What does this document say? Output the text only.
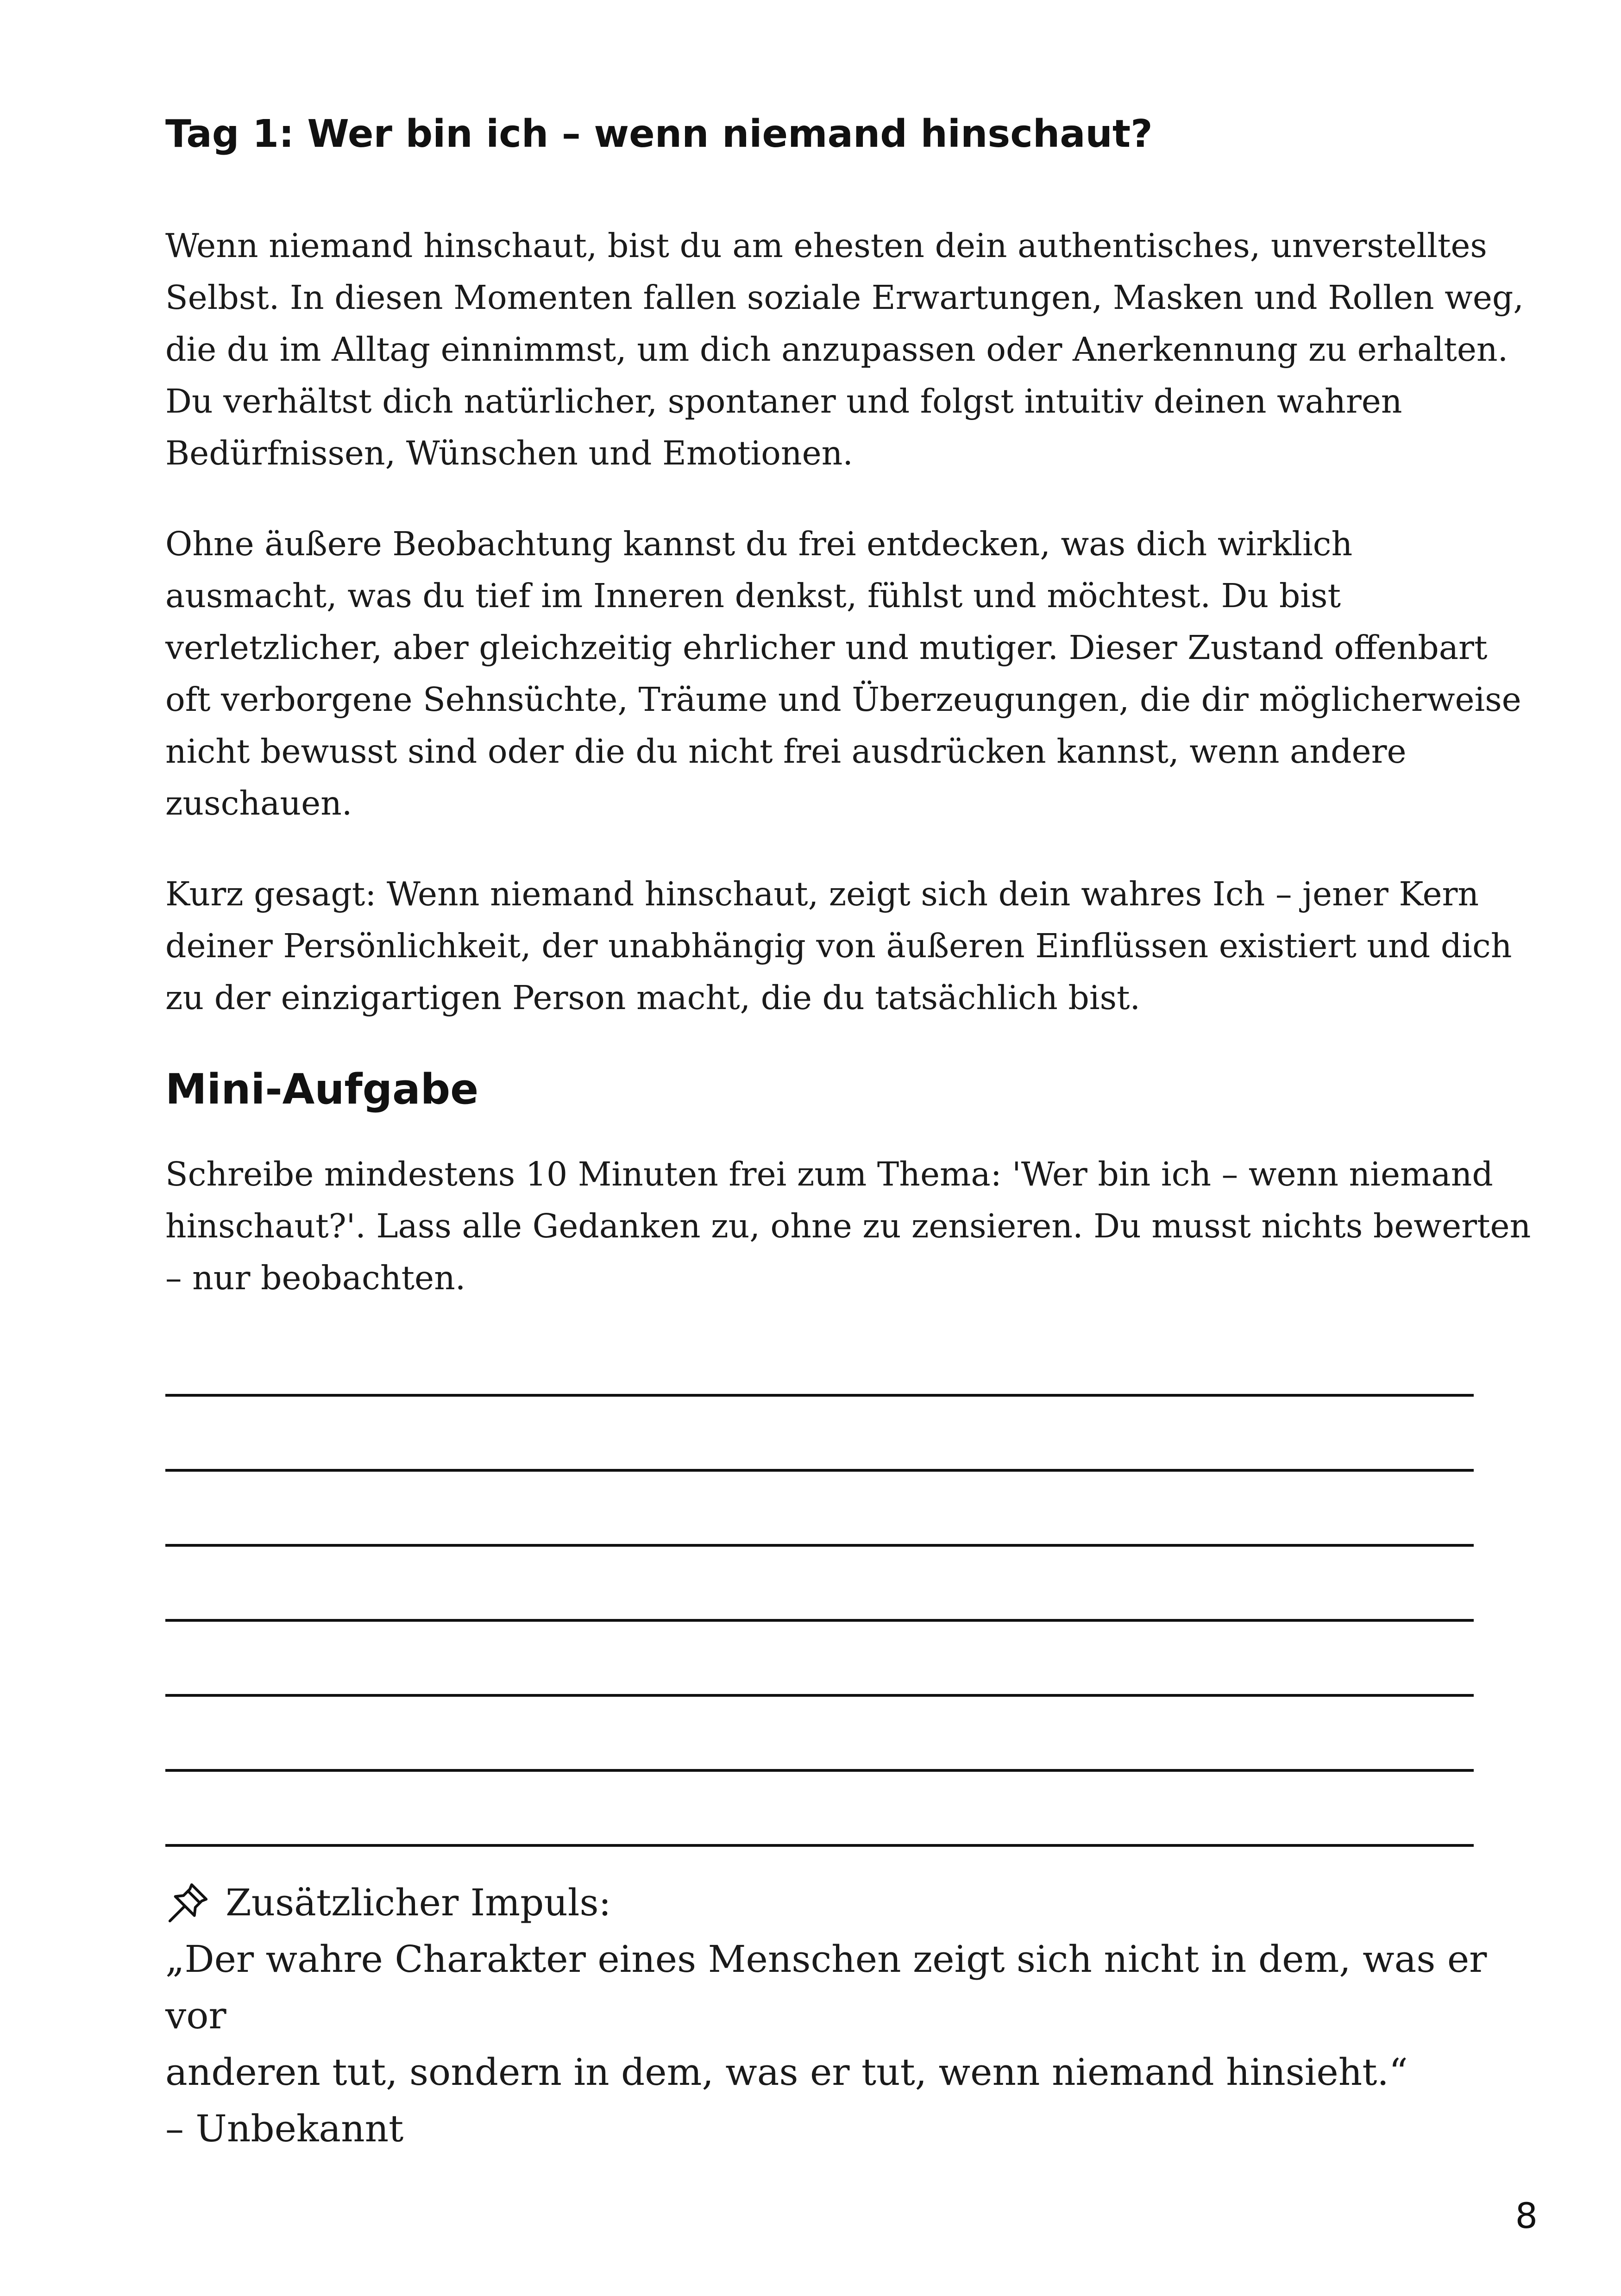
Tag 1: Wer bin ich – wenn niemand hinschaut?

Wenn niemand hinschaut, bist du am ehesten dein authentisches, unverstelltes Selbst. In diesen Momenten fallen soziale Erwartungen, Masken und Rollen weg, die du im Alltag einnimmst, um dich anzupassen oder Anerkennung zu erhalten. Du verhältst dich natürlicher, spontaner und folgst intuitiv deinen wahren Bedürfnissen, Wünschen und Emotionen.

Ohne äußere Beobachtung kannst du frei entdecken, was dich wirklich ausmacht, was du tief im Inneren denkst, fühlst und möchtest. Du bist verletzlicher, aber gleichzeitig ehrlicher und mutiger. Dieser Zustand offenbart oft verborgene Sehnsüchte, Träume und Überzeugungen, die dir möglicherweise nicht bewusst sind oder die du nicht frei ausdrücken kannst, wenn andere zuschauen.

Kurz gesagt: Wenn niemand hinschaut, zeigt sich dein wahres Ich – jener Kern deiner Persönlichkeit, der unabhängig von äußeren Einflüssen existiert und dich zu der einzigartigen Person macht, die du tatsächlich bist.

Mini-Aufgabe

Schreibe mindestens 10 Minuten frei zum Thema: 'Wer bin ich – wenn niemand hinschaut?'. Lass alle Gedanken zu, ohne zu zensieren. Du musst nichts bewerten – nur beobachten.

Zusätzlicher Impuls:
„Der wahre Charakter eines Menschen zeigt sich nicht in dem, was er vor
anderen tut, sondern in dem, was er tut, wenn niemand hinsieht.“
– Unbekannt
8
